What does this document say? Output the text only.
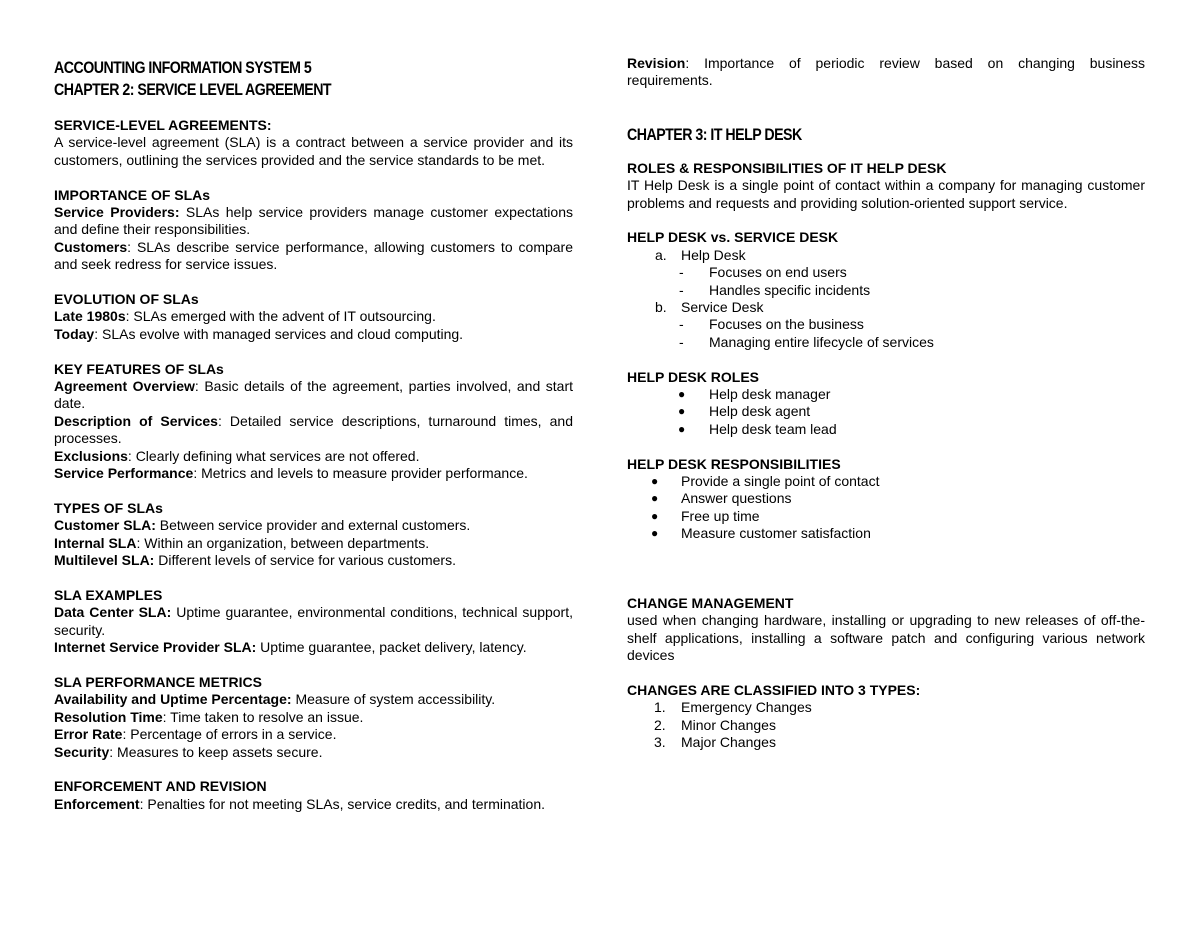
ACCOUNTING INFORMATION SYSTEM 5
CHAPTER 2: SERVICE LEVEL AGREEMENT
SERVICE-LEVEL AGREEMENTS:
A service-level agreement (SLA) is a contract between a service provider and its customers, outlining the services provided and the service standards to be met.
IMPORTANCE OF SLAs
Service Providers: SLAs help service providers manage customer expectations and define their responsibilities.
Customers: SLAs describe service performance, allowing customers to compare and seek redress for service issues.
EVOLUTION OF SLAs
Late 1980s: SLAs emerged with the advent of IT outsourcing.
Today: SLAs evolve with managed services and cloud computing.
KEY FEATURES OF SLAs
Agreement Overview: Basic details of the agreement, parties involved, and start date.
Description of Services: Detailed service descriptions, turnaround times, and processes.
Exclusions: Clearly defining what services are not offered.
Service Performance: Metrics and levels to measure provider performance.
TYPES OF SLAs
Customer SLA: Between service provider and external customers.
Internal SLA: Within an organization, between departments.
Multilevel SLA: Different levels of service for various customers.
SLA EXAMPLES
Data Center SLA: Uptime guarantee, environmental conditions, technical support, security.
Internet Service Provider SLA: Uptime guarantee, packet delivery, latency.
SLA PERFORMANCE METRICS
Availability and Uptime Percentage: Measure of system accessibility.
Resolution Time: Time taken to resolve an issue.
Error Rate: Percentage of errors in a service.
Security: Measures to keep assets secure.
ENFORCEMENT AND REVISION
Enforcement: Penalties for not meeting SLAs, service credits, and termination.
Revision: Importance of periodic review based on changing business requirements.
CHAPTER 3: IT HELP DESK
ROLES & RESPONSIBILITIES OF IT HELP DESK
IT Help Desk is a single point of contact within a company for managing customer problems and requests and providing solution-oriented support service.
HELP DESK vs. SERVICE DESK
a.	Help Desk
- Focuses on end users
- Handles specific incidents
b.	Service Desk
- Focuses on the business
- Managing entire lifecycle of services
HELP DESK ROLES
● Help desk manager
● Help desk agent
● Help desk team lead
HELP DESK RESPONSIBILITIES
● Provide a single point of contact
● Answer questions
● Free up time
● Measure customer satisfaction
CHANGE MANAGEMENT
used when changing hardware, installing or upgrading to new releases of off-the-shelf applications, installing a software patch and configuring various network devices
CHANGES ARE CLASSIFIED INTO 3 TYPES:
1. Emergency Changes
2. Minor Changes
3. Major Changes
